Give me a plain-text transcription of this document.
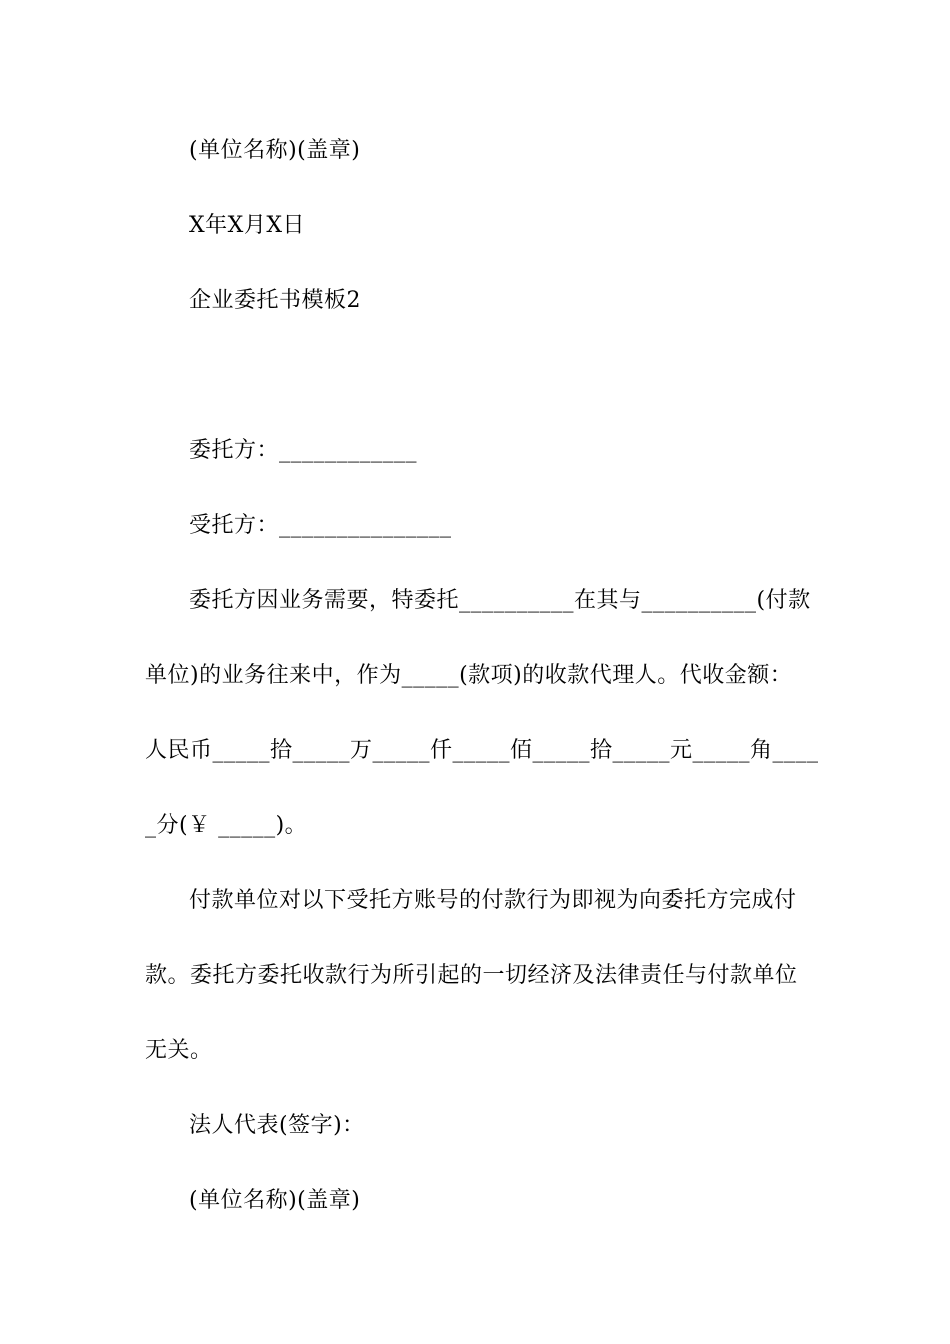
(单位名称)(盖章)
X年X月X日
企业委托书模板2
委托方：____________
受托方：_______________
委托方因业务需要，特委托__________在其与__________(付款
单位)的业务往来中，作为_____(款项)的收款代理人。代收金额：
人民币_____拾_____万_____仟_____佰_____拾_____元_____角____
_分(￥ _____)。
付款单位对以下受托方账号的付款行为即视为向委托方完成付
款。委托方委托收款行为所引起的一切经济及法律责任与付款单位
无关。
法人代表(签字)：
(单位名称)(盖章)
